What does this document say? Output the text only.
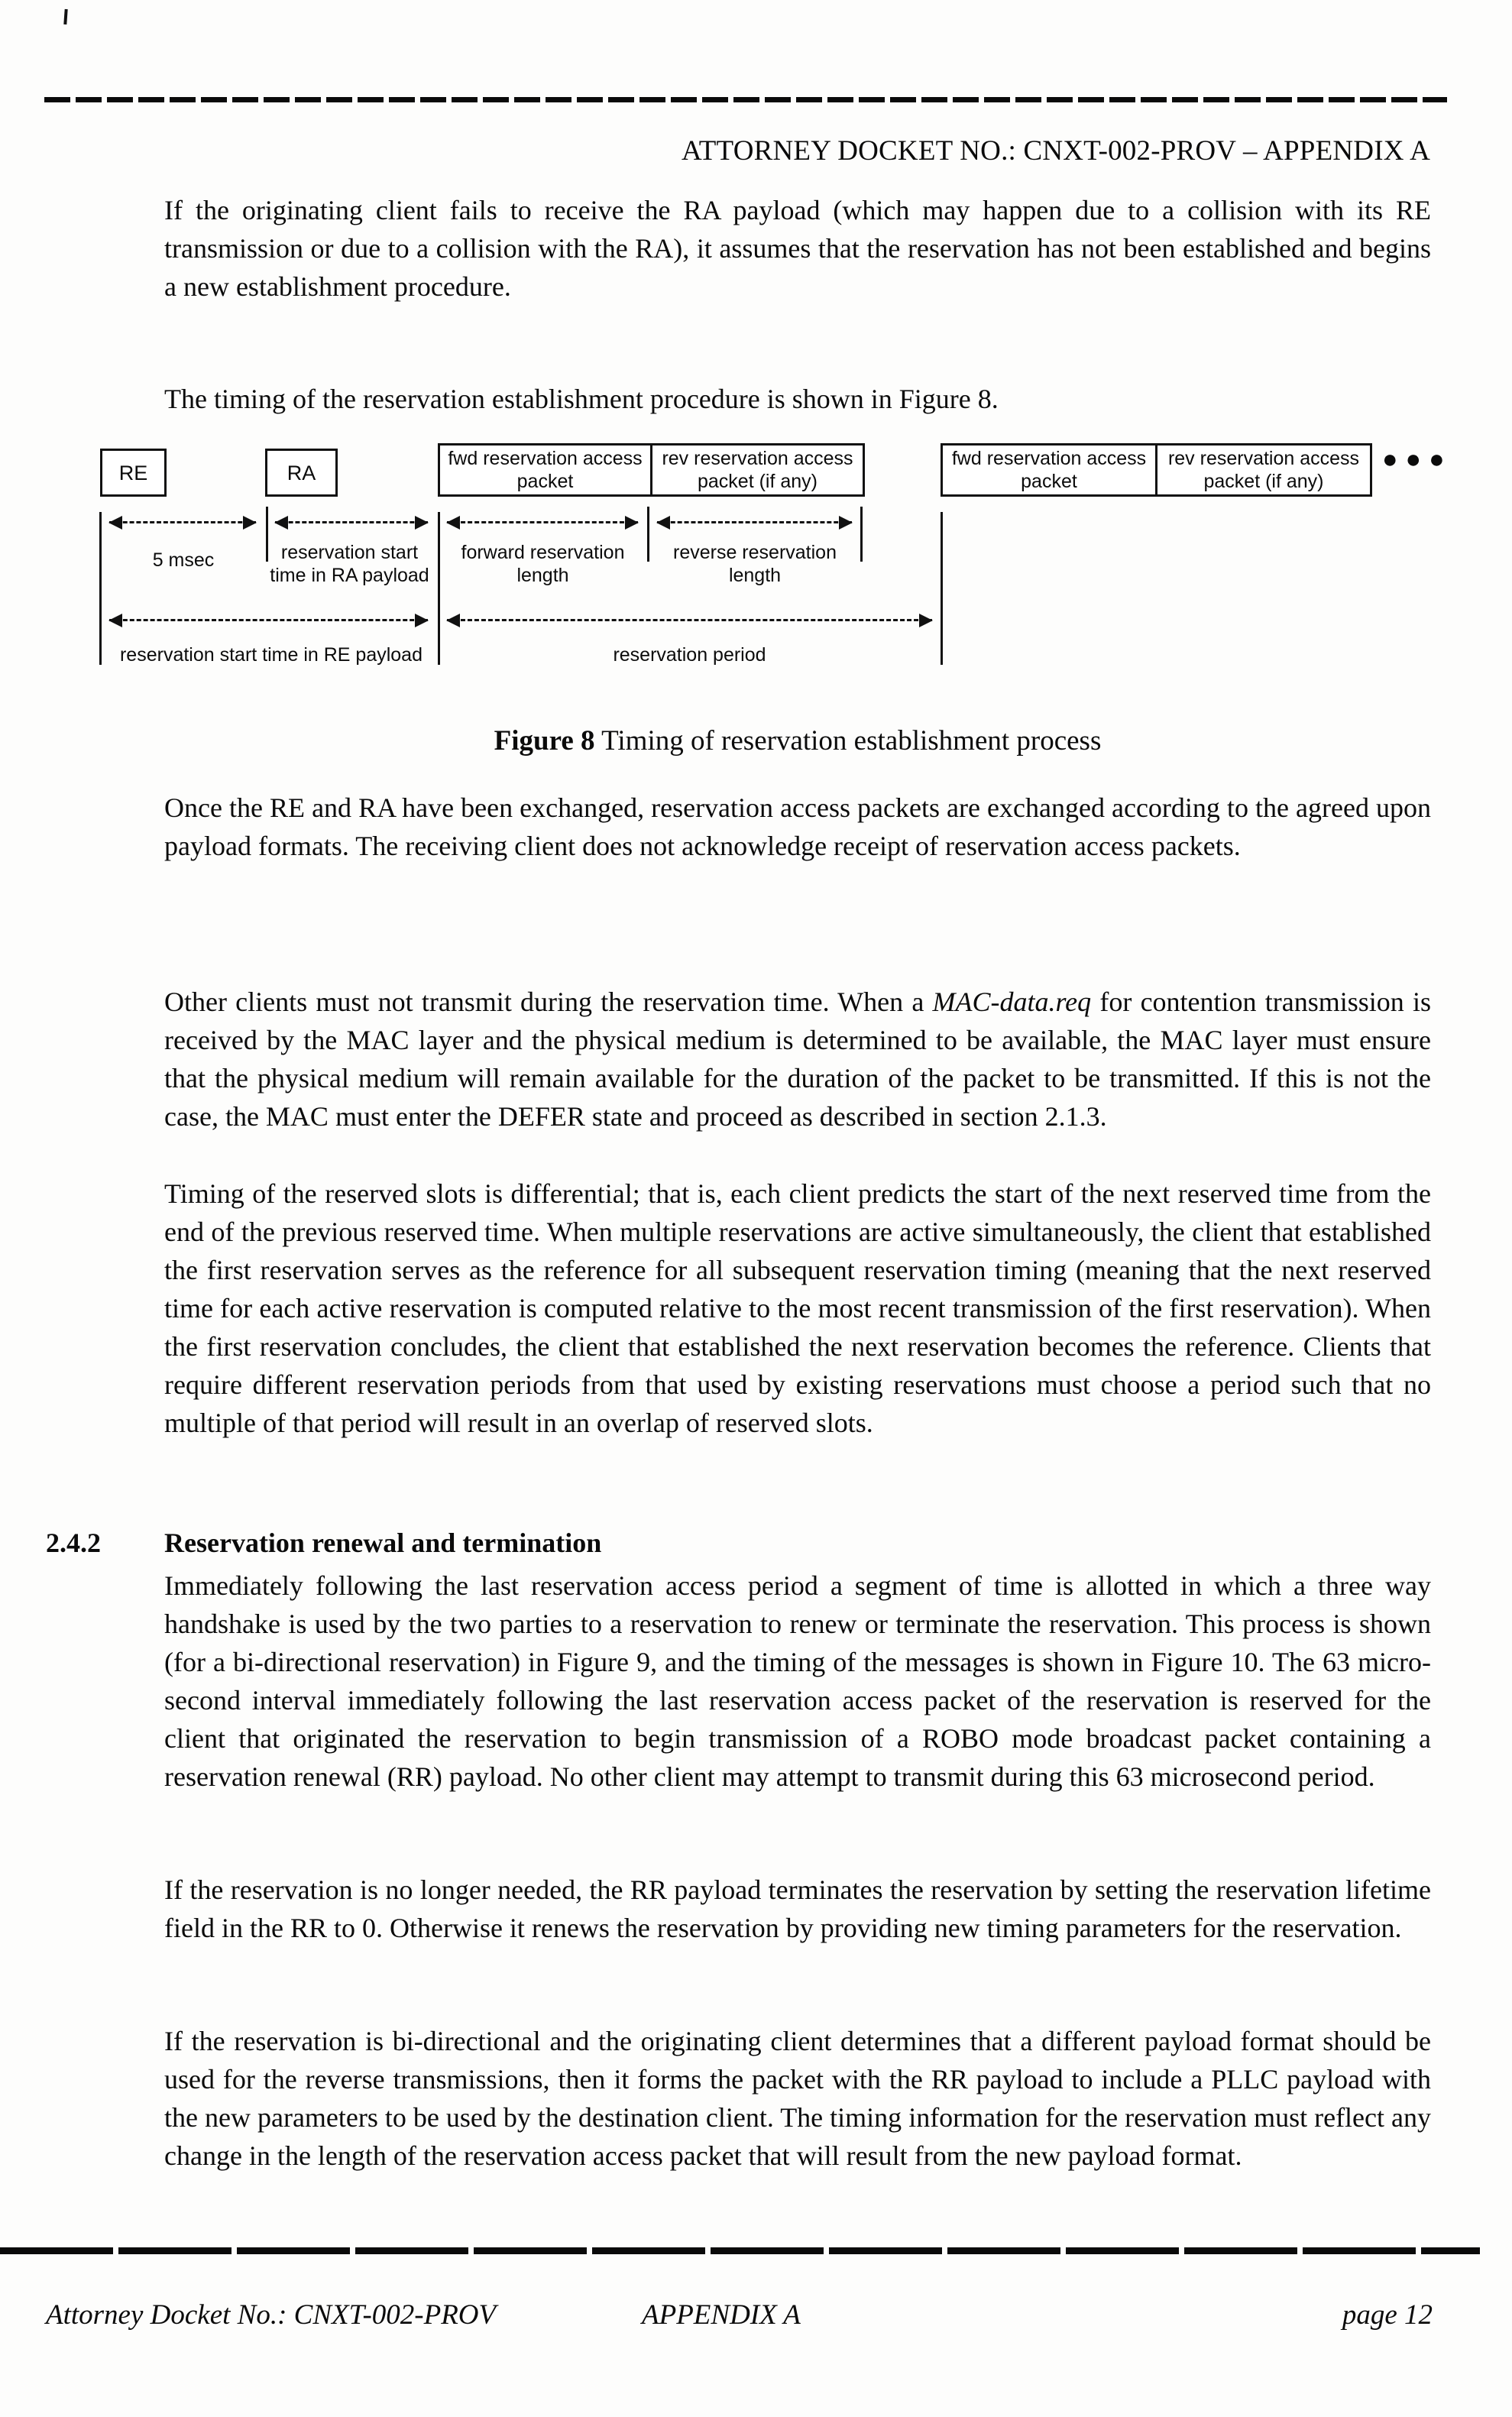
ATTORNEY DOCKET NO.: CNXT-002-PROV – APPENDIX A
If the originating client fails to receive the RA payload (which may happen due to a collision with its RE transmission or due to a collision with the RA), it assumes that the reservation has not been established and begins a new establishment procedure.
The timing of the reservation establishment procedure is shown in Figure 8.
RE	RA
fwd reservation access packet
rev reservation access packet (if any)
fwd reservation access packet
rev reservation access packet (if any)
●●●
5 msec	reservation start time in RA payload
forward reservation length
reverse reservation length
reservation start time in RE payload	reservation period
Figure 8 Timing of reservation establishment process
Once the RE and RA have been exchanged, reservation access packets are exchanged according to the agreed upon payload formats. The receiving client does not acknowledge receipt of reservation access packets.
Other clients must not transmit during the reservation time. When a MAC-data.req for contention transmission is received by the MAC layer and the physical medium is determined to be available, the MAC layer must ensure that the physical medium will remain available for the duration of the packet to be transmitted. If this is not the case, the MAC must enter the DEFER state and proceed as described in section 2.1.3.
Timing of the reserved slots is differential; that is, each client predicts the start of the next reserved time from the end of the previous reserved time. When multiple reservations are active simultaneously, the client that established the first reservation serves as the reference for all subsequent reservation timing (meaning that the next reserved time for each active reservation is computed relative to the most recent transmission of the first reservation). When the first reservation concludes, the client that established the next reservation becomes the reference. Clients that require different reservation periods from that used by existing reservations must choose a period such that no multiple of that period will result in an overlap of reserved slots.
2.4.2 Reservation renewal and termination
Immediately following the last reservation access period a segment of time is allotted in which a three way handshake is used by the two parties to a reservation to renew or terminate the reservation. This process is shown (for a bi-directional reservation) in Figure 9, and the timing of the messages is shown in Figure 10. The 63 micro-second interval immediately following the last reservation access packet of the reservation is reserved for the client that originated the reservation to begin transmission of a ROBO mode broadcast packet containing a reservation renewal (RR) payload. No other client may attempt to transmit during this 63 microsecond period.
If the reservation is no longer needed, the RR payload terminates the reservation by setting the reservation lifetime field in the RR to 0. Otherwise it renews the reservation by providing new timing parameters for the reservation.
If the reservation is bi-directional and the originating client determines that a different payload format should be used for the reverse transmissions, then it forms the packet with the RR payload to include a PLLC payload with the new parameters to be used by the destination client. The timing information for the reservation must reflect any change in the length of the reservation access packet that will result from the new payload format.
Attorney Docket No.: CNXT-002-PROV	APPENDIX A	page 12
